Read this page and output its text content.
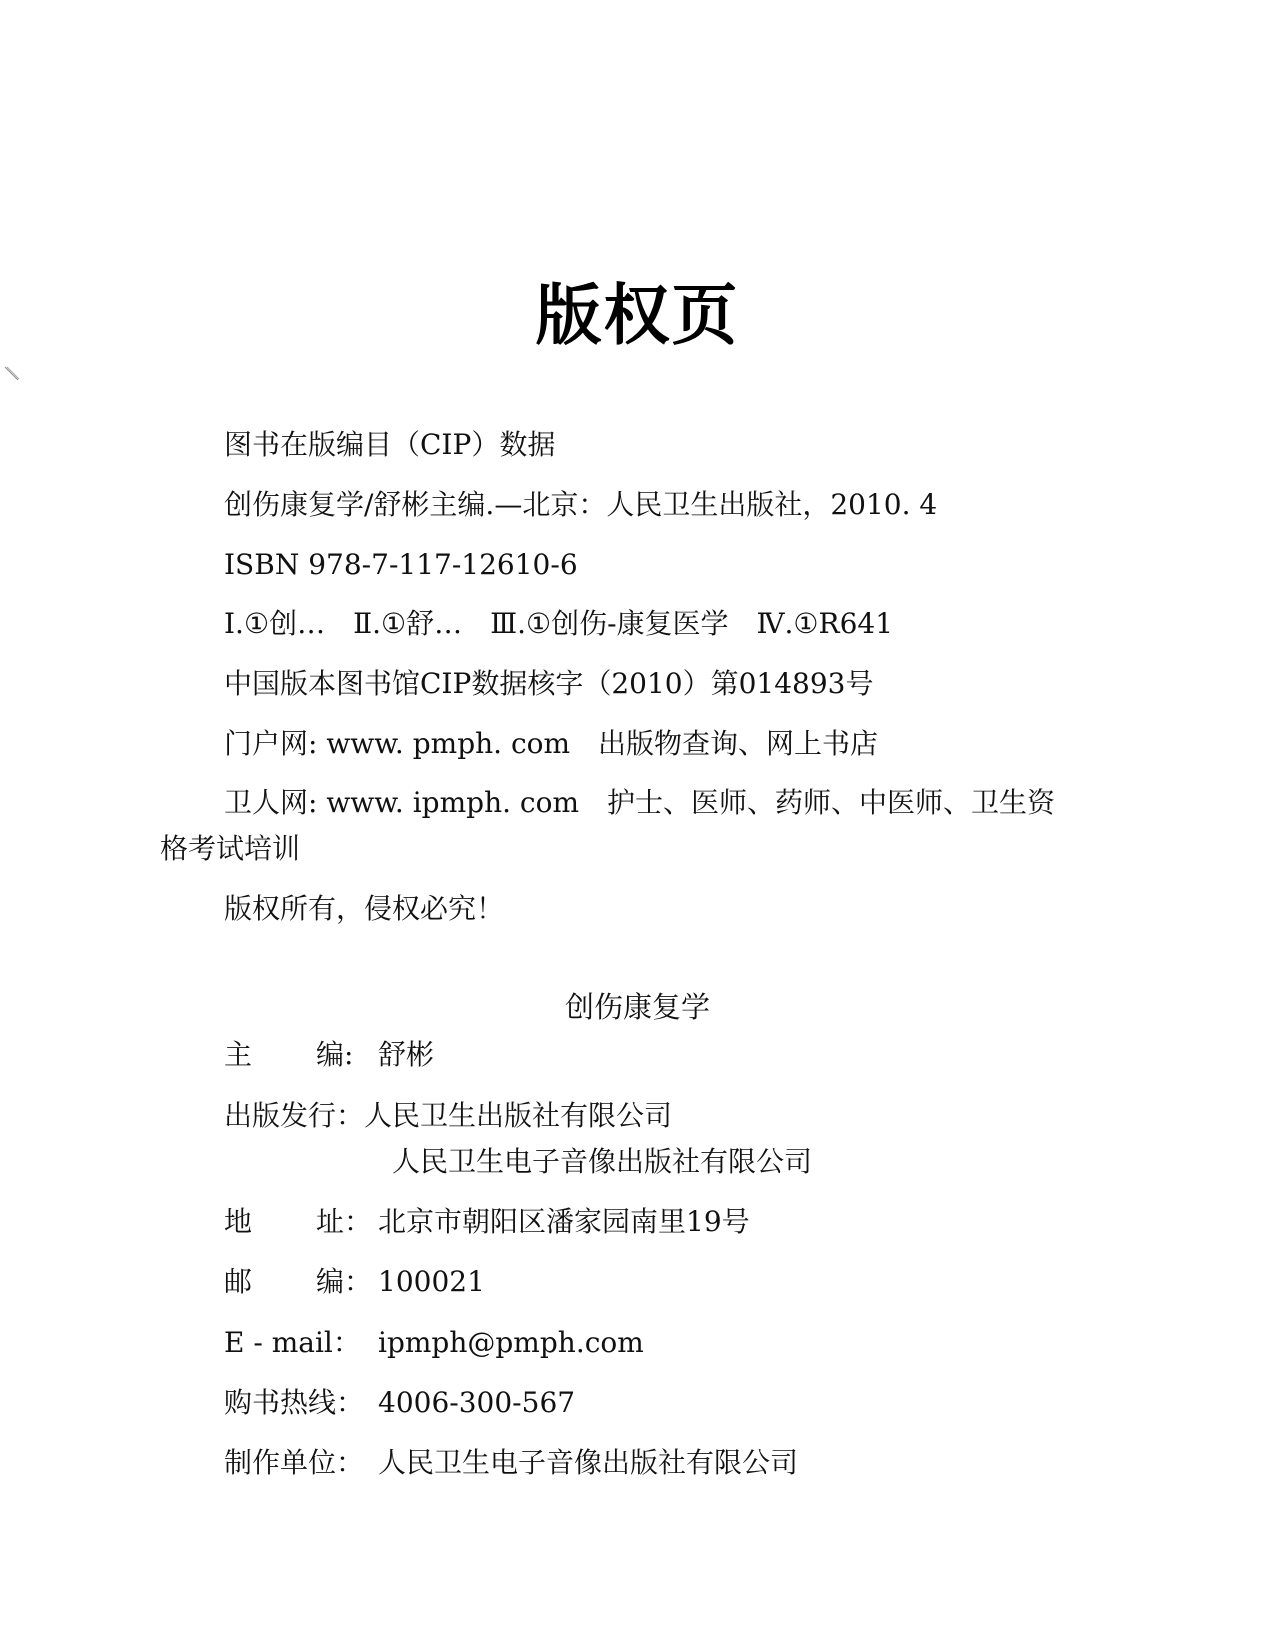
版权页
图书在版编目（CIP）数据
创伤康复学/舒彬主编.—北京：人民卫生出版社，2010. 4
ISBN 978-7-117-12610-6
Ⅰ.①创…　Ⅱ.①舒…　Ⅲ.①创伤-康复医学　Ⅳ.①R641
中国版本图书馆CIP数据核字（2010）第014893号
门户网: www. pmph. com　出版物查询、网上书店
卫人网: www. ipmph. com　护士、医师、药师、中医师、卫生资
格考试培训
版权所有，侵权必究！
创伤康复学
主 编: 舒彬
出版发行：人民卫生出版社有限公司
人民卫生电子音像出版社有限公司
地 址： 北京市朝阳区潘家园南里19号
邮 编： 100021
E - mail： ipmph@pmph.com
购书热线： 4006-300-567
制作单位： 人民卫生电子音像出版社有限公司
